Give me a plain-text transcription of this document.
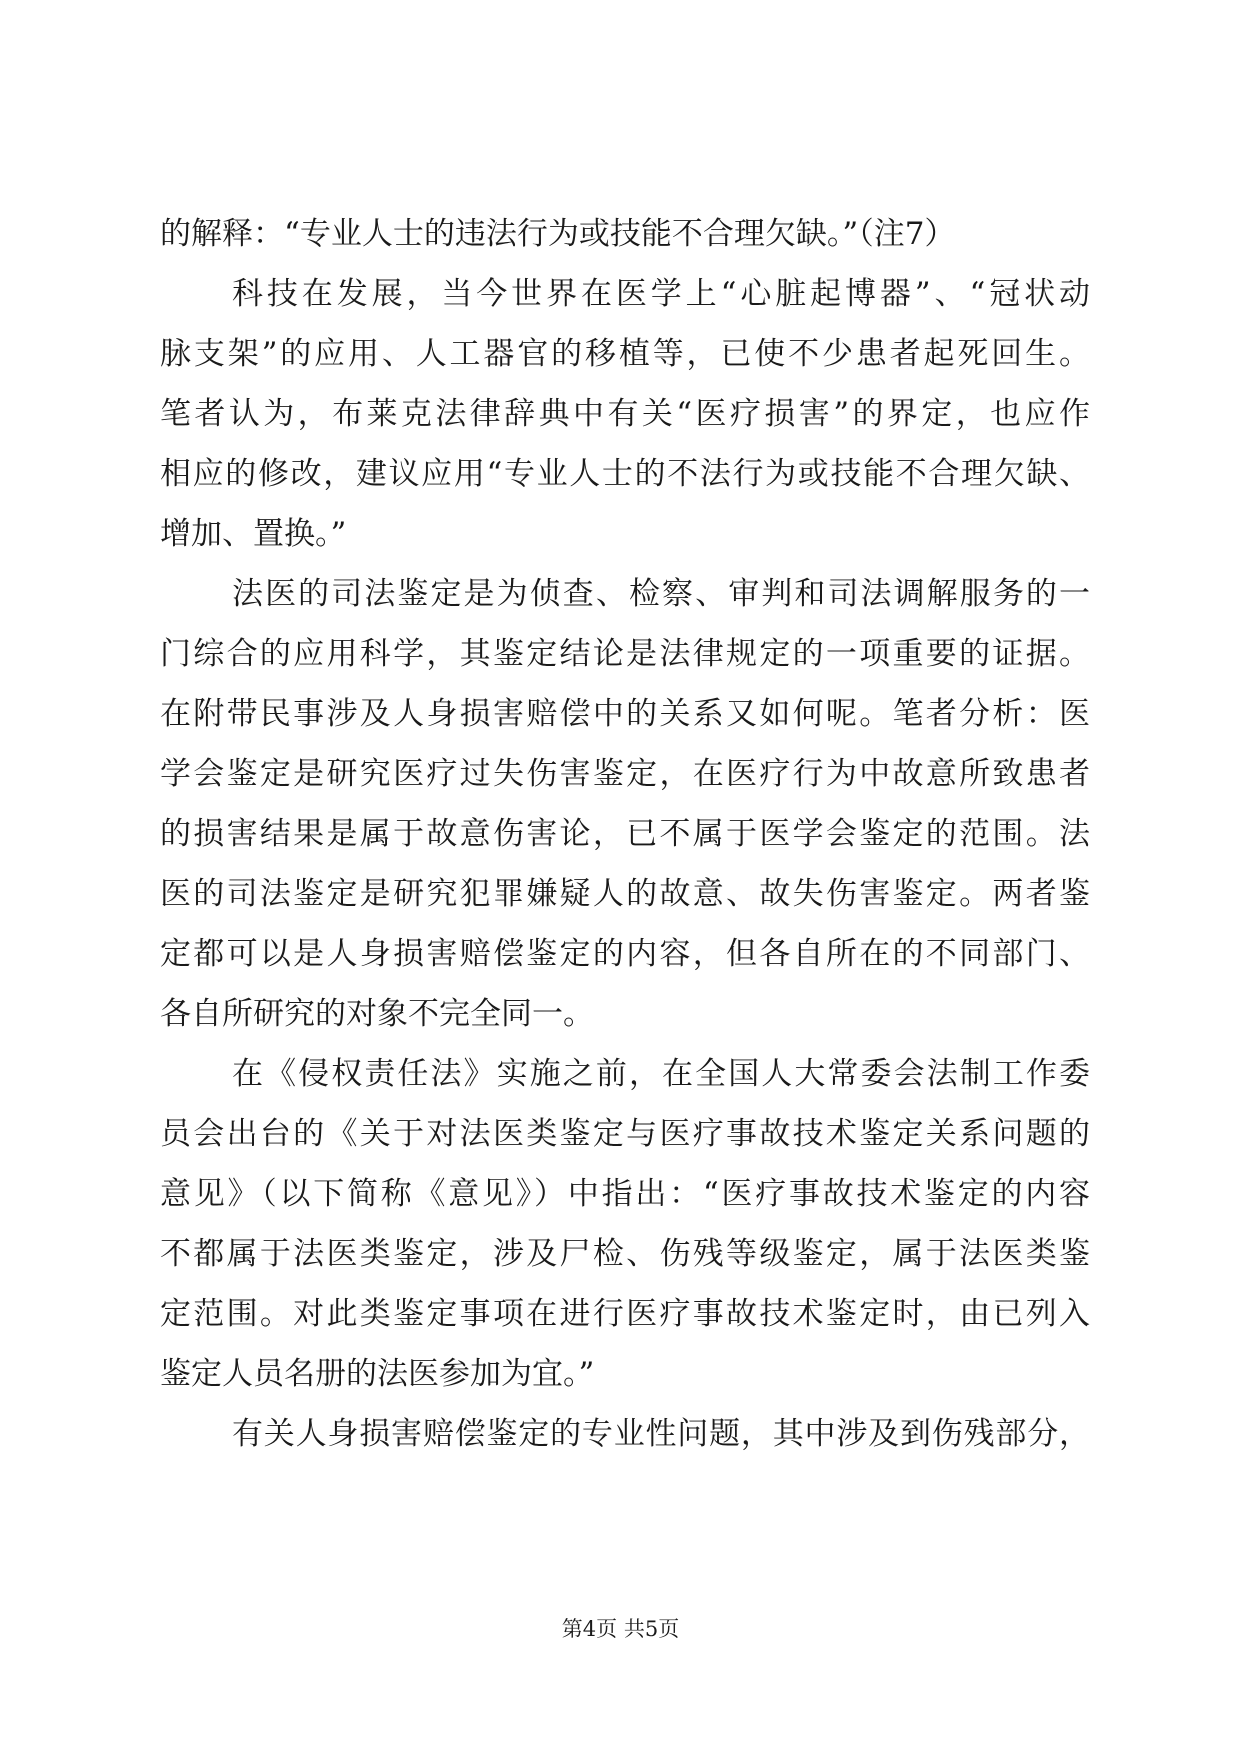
的解释：“专业人士的违法行为或技能不合理欠缺。”（注7）
科技在发展，当今世界在医学上“心脏起博器”、“冠状动
脉支架”的应用、人工器官的移植等，已使不少患者起死回生。
笔者认为，布莱克法律辞典中有关“医疗损害”的界定，也应作
相应的修改，建议应用“专业人士的不法行为或技能不合理欠缺、
增加、置换。”
法医的司法鉴定是为侦查、检察、审判和司法调解服务的一
门综合的应用科学，其鉴定结论是法律规定的一项重要的证据。
在附带民事涉及人身损害赔偿中的关系又如何呢。笔者分析：医
学会鉴定是研究医疗过失伤害鉴定，在医疗行为中故意所致患者
的损害结果是属于故意伤害论，已不属于医学会鉴定的范围。法
医的司法鉴定是研究犯罪嫌疑人的故意、故失伤害鉴定。两者鉴
定都可以是人身损害赔偿鉴定的内容，但各自所在的不同部门、
各自所研究的对象不完全同一。
在《侵权责任法》实施之前，在全国人大常委会法制工作委
员会出台的《关于对法医类鉴定与医疗事故技术鉴定关系问题的
意见》（以下简称《意见》）中指出：“医疗事故技术鉴定的内容
不都属于法医类鉴定，涉及尸检、伤残等级鉴定，属于法医类鉴
定范围。对此类鉴定事项在进行医疗事故技术鉴定时，由已列入
鉴定人员名册的法医参加为宜。”
有关人身损害赔偿鉴定的专业性问题，其中涉及到伤残部分，
第4页 共5页
